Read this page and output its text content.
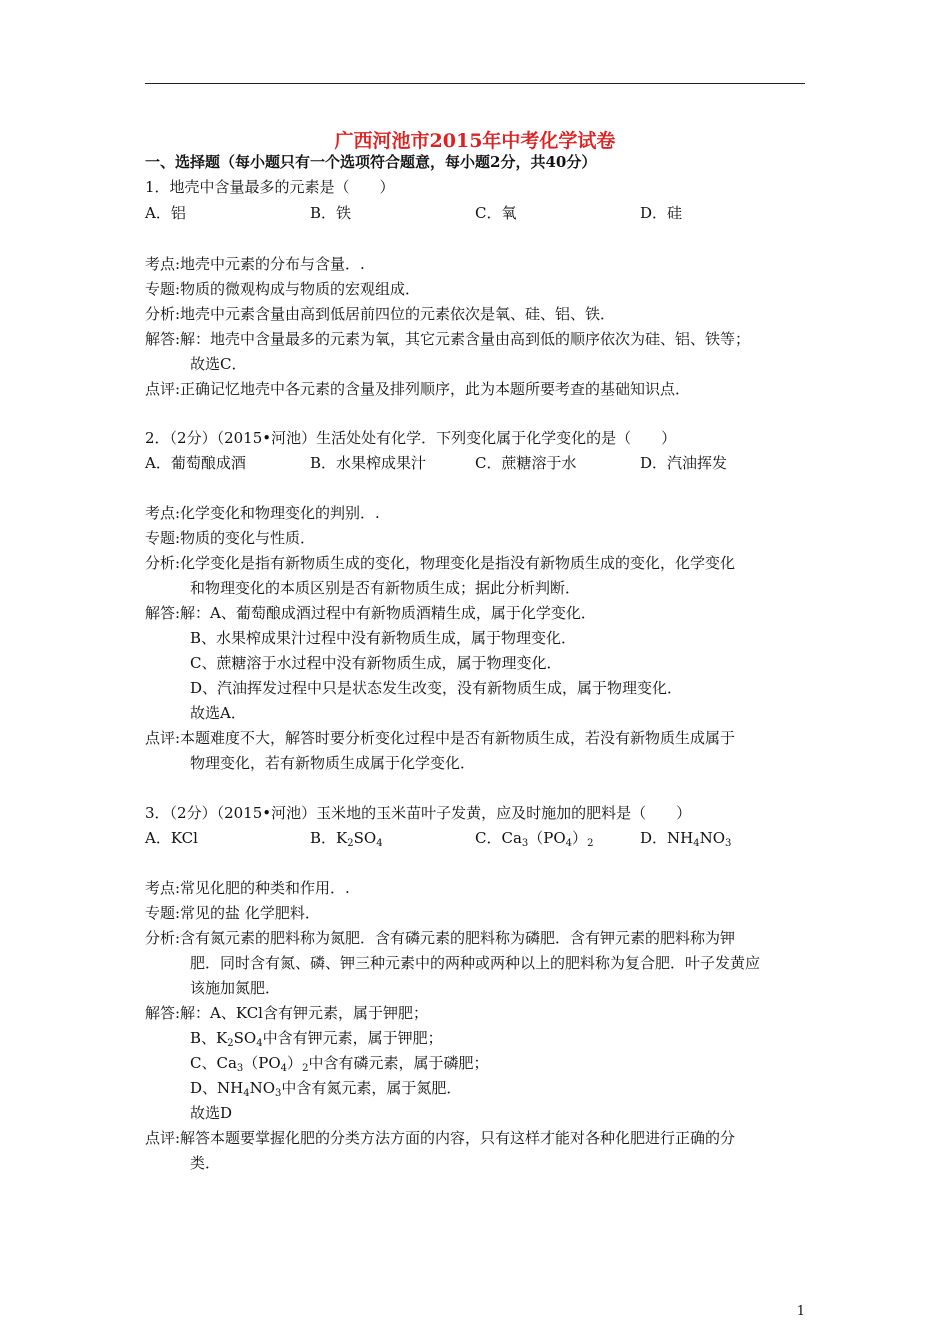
广西河池市2015年中考化学试卷
一、选择题（每小题只有一个选项符合题意，每小题2分，共40分）
1．地壳中含量最多的元素是（　　）
A．铝	B．铁	C．氧	D．硅
考点:地壳中元素的分布与含量．.
专题:物质的微观构成与物质的宏观组成．
分析:地壳中元素含量由高到低居前四位的元素依次是氧、硅、铝、铁．
解答:解：地壳中含量最多的元素为氧，其它元素含量由高到低的顺序依次为硅、铝、铁等；
故选C．
点评:正确记忆地壳中各元素的含量及排列顺序，此为本题所要考查的基础知识点．
2．（2分）（2015•河池）生活处处有化学．下列变化属于化学变化的是（　　）
A．葡萄酿成酒	B．水果榨成果汁	C．蔗糖溶于水	D．汽油挥发
考点:化学变化和物理变化的判别．.
专题:物质的变化与性质．
分析:化学变化是指有新物质生成的变化，物理变化是指没有新物质生成的变化，化学变化
和物理变化的本质区别是否有新物质生成；据此分析判断．
解答:解：A、葡萄酿成酒过程中有新物质酒精生成，属于化学变化．
B、水果榨成果汁过程中没有新物质生成，属于物理变化．
C、蔗糖溶于水过程中没有新物质生成，属于物理变化．
D、汽油挥发过程中只是状态发生改变，没有新物质生成，属于物理变化．
故选A．
点评:本题难度不大，解答时要分析变化过程中是否有新物质生成，若没有新物质生成属于
物理变化，若有新物质生成属于化学变化．
3．（2分）（2015•河池）玉米地的玉米苗叶子发黄，应及时施加的肥料是（　　）
A．KCl	B．$K_2SO_4$	C．$Ca_3(PO_4)_2$	D．$NH_4NO_3$
考点:常见化肥的种类和作用．.
专题:常见的盐 化学肥料．
分析:含有氮元素的肥料称为氮肥．含有磷元素的肥料称为磷肥．含有钾元素的肥料称为钾
肥．同时含有氮、磷、钾三种元素中的两种或两种以上的肥料称为复合肥．叶子发黄应
该施加氮肥．
解答:解：A、KCl含有钾元素，属于钾肥；
B、$K_2SO_4$中含有钾元素，属于钾肥；
C、$Ca_3(PO_4)_2$中含有磷元素，属于磷肥；
D、$NH_4NO_3$中含有氮元素，属于氮肥．
故选D
点评:解答本题要掌握化肥的分类方法方面的内容，只有这样才能对各种化肥进行正确的分
类．
1
